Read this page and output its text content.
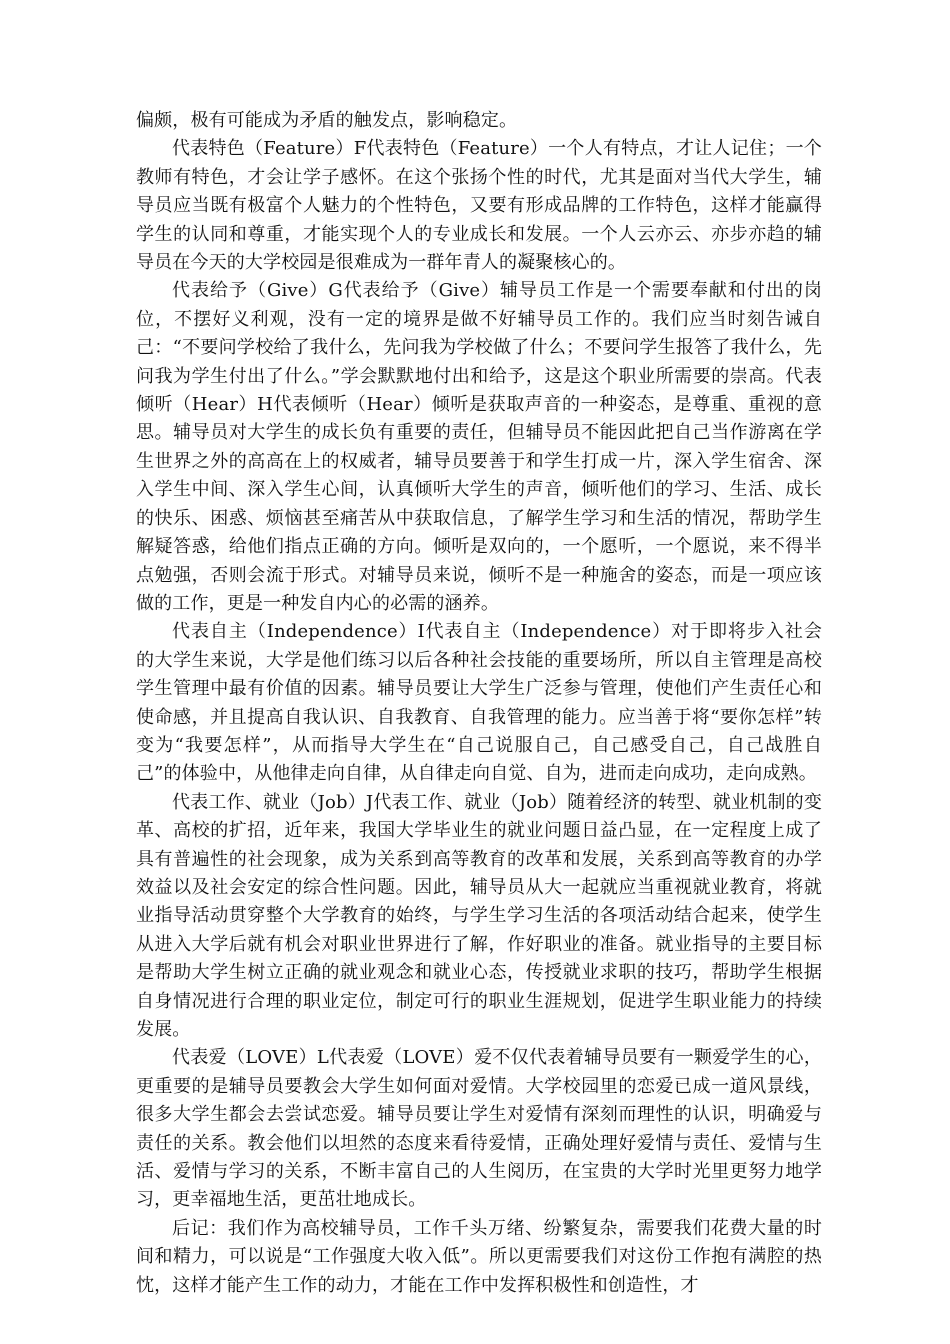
偏颇，极有可能成为矛盾的触发点，影响稳定。

代表特色（Feature）F代表特色（Feature）一个人有特点，才让人记住；一个教师有特色，才会让学子感怀。在这个张扬个性的时代，尤其是面对当代大学生，辅导员应当既有极富个人魅力的个性特色，又要有形成品牌的工作特色，这样才能赢得学生的认同和尊重，才能实现个人的专业成长和发展。一个人云亦云、亦步亦趋的辅导员在今天的大学校园是很难成为一群年青人的凝聚核心的。

代表给予（Give）G代表给予（Give）辅导员工作是一个需要奉献和付出的岗位，不摆好义利观，没有一定的境界是做不好辅导员工作的。我们应当时刻告诫自己：“不要问学校给了我什么，先问我为学校做了什么；不要问学生报答了我什么，先问我为学生付出了什么。”学会默默地付出和给予，这是这个职业所需要的崇高。代表倾听（Hear）H代表倾听（Hear）倾听是获取声音的一种姿态，是尊重、重视的意思。辅导员对大学生的成长负有重要的责任，但辅导员不能因此把自己当作游离在学生世界之外的高高在上的权威者，辅导员要善于和学生打成一片，深入学生宿舍、深入学生中间、深入学生心间，认真倾听大学生的声音，倾听他们的学习、生活、成长的快乐、困惑、烦恼甚至痛苦从中获取信息，了解学生学习和生活的情况，帮助学生解疑答惑，给他们指点正确的方向。倾听是双向的，一个愿听，一个愿说，来不得半点勉强，否则会流于形式。对辅导员来说，倾听不是一种施舍的姿态，而是一项应该做的工作，更是一种发自内心的必需的涵养。

代表自主（Independence）I代表自主（Independence）对于即将步入社会的大学生来说，大学是他们练习以后各种社会技能的重要场所，所以自主管理是高校学生管理中最有价值的因素。辅导员要让大学生广泛参与管理，使他们产生责任心和使命感，并且提高自我认识、自我教育、自我管理的能力。应当善于将“要你怎样”转变为“我要怎样”，从而指导大学生在“自己说服自己，自己感受自己，自己战胜自己”的体验中，从他律走向自律，从自律走向自觉、自为，进而走向成功，走向成熟。

代表工作、就业（Job）J代表工作、就业（Job）随着经济的转型、就业机制的变革、高校的扩招，近年来，我国大学毕业生的就业问题日益凸显，在一定程度上成了具有普遍性的社会现象，成为关系到高等教育的改革和发展，关系到高等教育的办学效益以及社会安定的综合性问题。因此，辅导员从大一起就应当重视就业教育，将就业指导活动贯穿整个大学教育的始终，与学生学习生活的各项活动结合起来，使学生从进入大学后就有机会对职业世界进行了解，作好职业的准备。就业指导的主要目标是帮助大学生树立正确的就业观念和就业心态，传授就业求职的技巧，帮助学生根据自身情况进行合理的职业定位，制定可行的职业生涯规划，促进学生职业能力的持续发展。

代表爱（LOVE）L代表爱（LOVE）爱不仅代表着辅导员要有一颗爱学生的心，更重要的是辅导员要教会大学生如何面对爱情。大学校园里的恋爱已成一道风景线，很多大学生都会去尝试恋爱。辅导员要让学生对爱情有深刻而理性的认识，明确爱与责任的关系。教会他们以坦然的态度来看待爱情，正确处理好爱情与责任、爱情与生活、爱情与学习的关系，不断丰富自己的人生阅历，在宝贵的大学时光里更努力地学习，更幸福地生活，更茁壮地成长。

后记：我们作为高校辅导员，工作千头万绪、纷繁复杂，需要我们花费大量的时间和精力，可以说是“工作强度大收入低”。所以更需要我们对这份工作抱有满腔的热忱，这样才能产生工作的动力，才能在工作中发挥积极性和创造性，才
